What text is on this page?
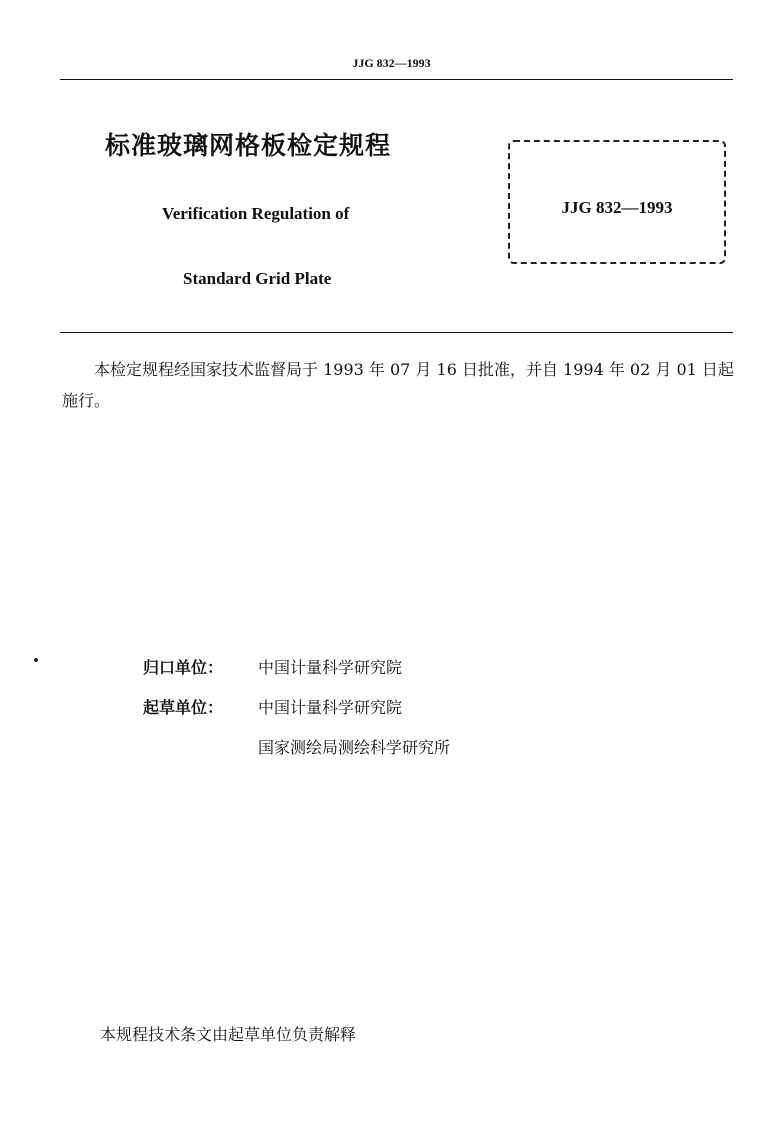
JJG 832—1993
标准玻璃网格板检定规程
Verification Regulation of
Standard Grid Plate
JJG 832—1993
本检定规程经国家技术监督局于 1993 年 07 月 16 日批准，并自 1994 年 02 月 01 日起施行。
归口单位： 中国计量科学研究院
起草单位： 中国计量科学研究院
国家测绘局测绘科学研究所
本规程技术条文由起草单位负责解释
